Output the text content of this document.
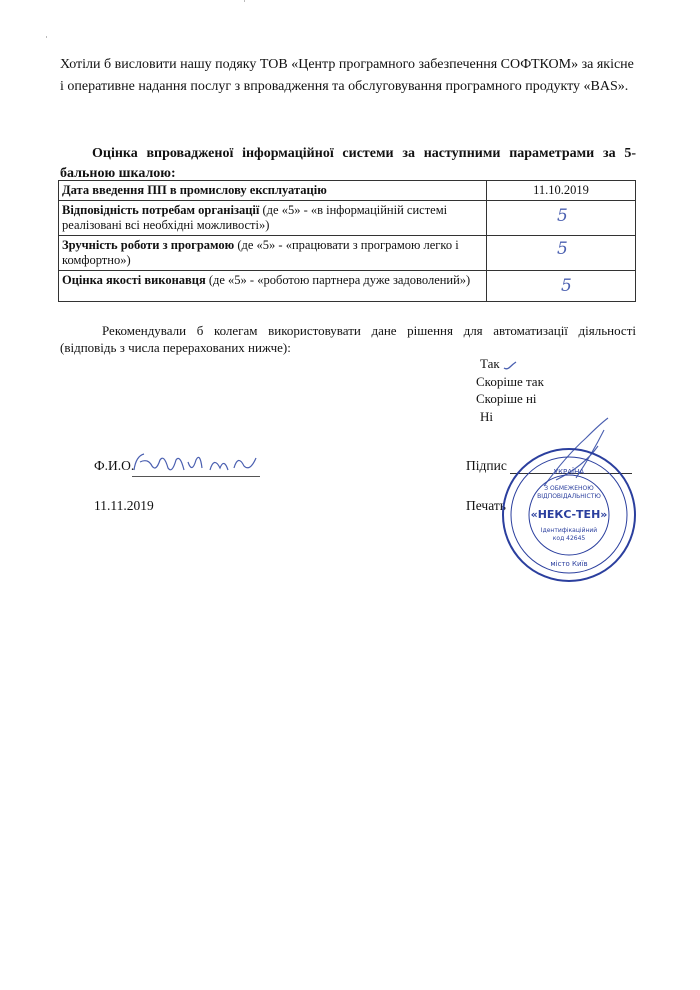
Хотіли б висловити нашу подяку ТОВ «Центр програмного забезпечення СОФТКОМ» за якісне і оперативне надання послуг з впровадження та обслуговування програмного продукту «BAS».

Оцінка впровадженої інформаційної системи за наступними параметрами за 5-бальною шкалою:

Дата введення ПП в промислову експлуатацію	11.10.2019
Відповідність потребам організації (де «5» - «в інформаційній системі реалізовані всі необхідні можливості»)	5

Зручність роботи з програмою (де «5» - «працювати з програмою легко і комфортно»)	5

Оцінка якості виконавця (де «5» - «роботою партнера дуже задоволений»)	5

Рекомендували б колегам використовувати дане рішення для автоматизації діяльності (відповідь з числа перерахованих нижче):

Так
Скоріше так
Скоріше ні
Ні
Ф.И.О.	Підпис
11.11.2019	Печать
УКРАЇНА
З ОБМЕЖЕНОЮ
ВІДПОВІДАЛЬНІСТЮ
«НЕКС-ТЕН»
Ідентифікаційний
код 42645
місто Київ
